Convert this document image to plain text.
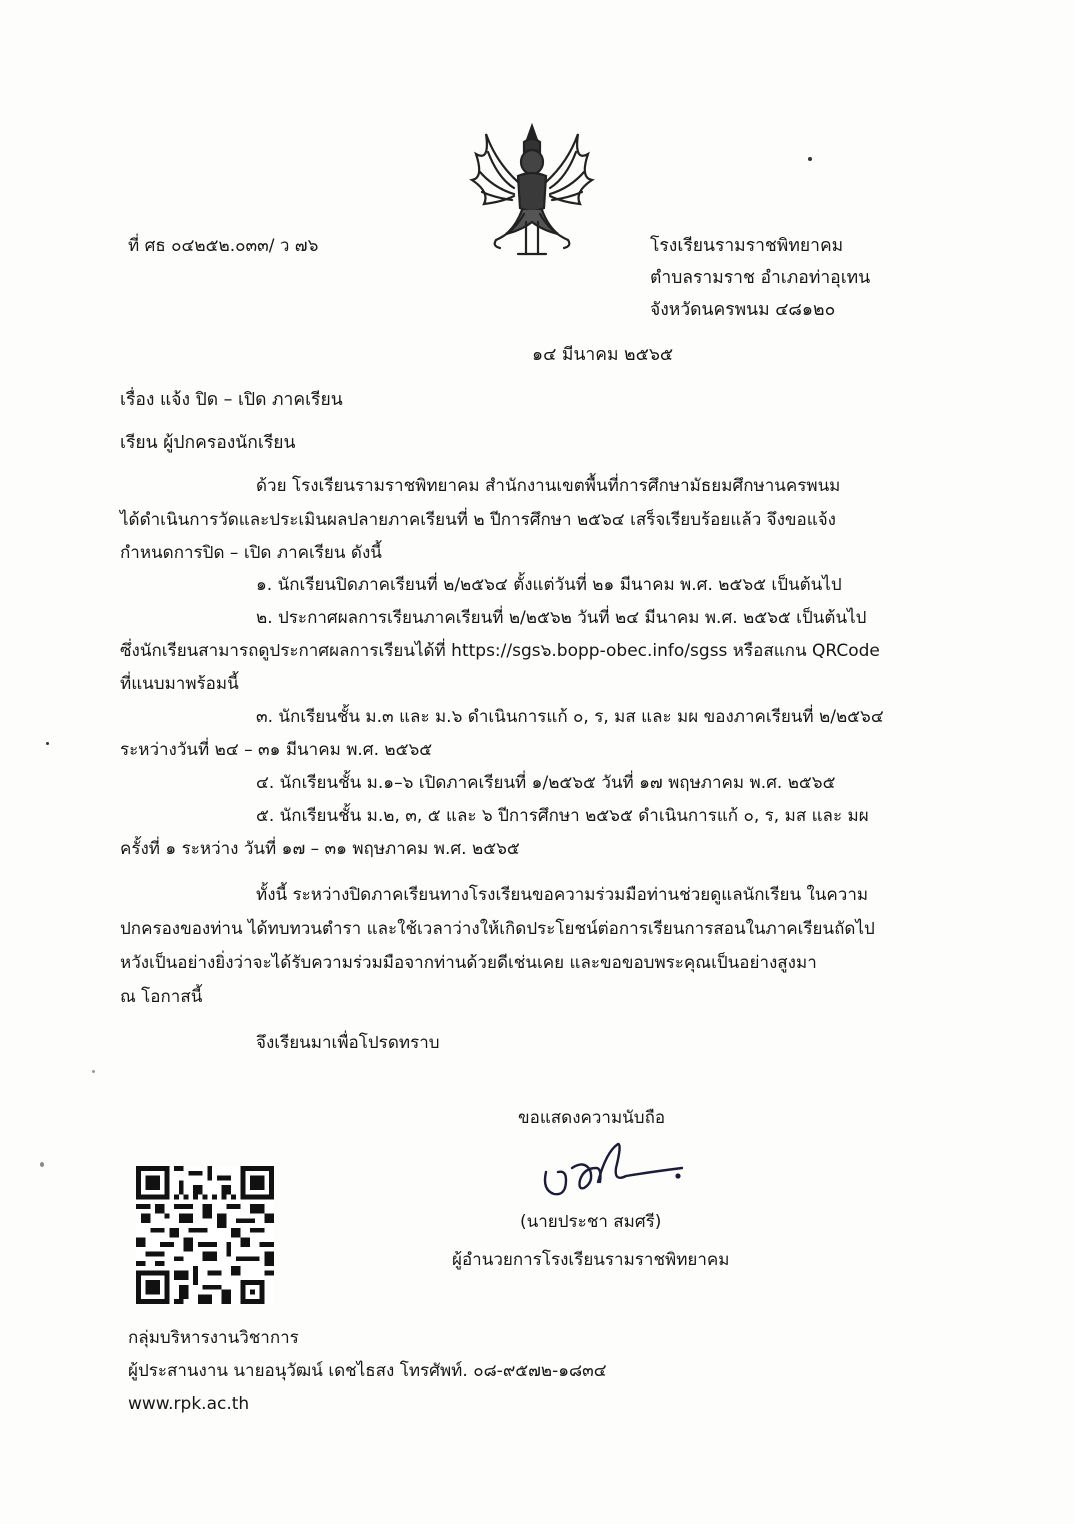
ที่ ศธ ๐๔๒๕๒.๐๓๓/ ว ๗๖	โรงเรียนรามราชพิทยาคม
ตำบลรามราช อำเภอท่าอุเทน
จังหวัดนครพนม ๔๘๑๒๐
๑๔ มีนาคม ๒๕๖๕
เรื่อง แจ้ง ปิด – เปิด ภาคเรียน
เรียน ผู้ปกครองนักเรียน
ด้วย โรงเรียนรามราชพิทยาคม สำนักงานเขตพื้นที่การศึกษามัธยมศึกษานครพนม
ได้ดำเนินการวัดและประเมินผลปลายภาคเรียนที่ ๒ ปีการศึกษา ๒๕๖๔ เสร็จเรียบร้อยแล้ว จึงขอแจ้ง
กำหนดการปิด – เปิด ภาคเรียน ดังนี้
๑. นักเรียนปิดภาคเรียนที่ ๒/๒๕๖๔ ตั้งแต่วันที่ ๒๑ มีนาคม พ.ศ. ๒๕๖๕ เป็นต้นไป
๒. ประกาศผลการเรียนภาคเรียนที่ ๒/๒๕๖๒ วันที่ ๒๔ มีนาคม พ.ศ. ๒๕๖๕ เป็นต้นไป
ซึ่งนักเรียนสามารถดูประกาศผลการเรียนได้ที่ https://sgs๖.bopp-obec.info/sgss หรือสแกน QRCode
ที่แนบมาพร้อมนี้
๓. นักเรียนชั้น ม.๓ และ ม.๖ ดำเนินการแก้ ๐, ร, มส และ มผ ของภาคเรียนที่ ๒/๒๕๖๔
ระหว่างวันที่ ๒๔ – ๓๑ มีนาคม พ.ศ. ๒๕๖๕
๔. นักเรียนชั้น ม.๑–๖ เปิดภาคเรียนที่ ๑/๒๕๖๕ วันที่ ๑๗ พฤษภาคม พ.ศ. ๒๕๖๕
๕. นักเรียนชั้น ม.๒, ๓, ๕ และ ๖ ปีการศึกษา ๒๕๖๕ ดำเนินการแก้ ๐, ร, มส และ มผ
ครั้งที่ ๑ ระหว่าง วันที่ ๑๗ – ๓๑ พฤษภาคม พ.ศ. ๒๕๖๕
ทั้งนี้ ระหว่างปิดภาคเรียนทางโรงเรียนขอความร่วมมือท่านช่วยดูแลนักเรียน ในความ
ปกครองของท่าน ได้ทบทวนตำรา และใช้เวลาว่างให้เกิดประโยชน์ต่อการเรียนการสอนในภาคเรียนถัดไป
หวังเป็นอย่างยิ่งว่าจะได้รับความร่วมมือจากท่านด้วยดีเช่นเคย และขอขอบพระคุณเป็นอย่างสูงมา
ณ โอกาสนี้
จึงเรียนมาเพื่อโปรดทราบ
ขอแสดงความนับถือ
(นายประชา สมศรี)
ผู้อำนวยการโรงเรียนรามราชพิทยาคม
กลุ่มบริหารงานวิชาการ
ผู้ประสานงาน นายอนุวัฒน์ เดชไธสง โทรศัพท์. ๐๘-๙๕๗๒-๑๘๓๔
www.rpk.ac.th
